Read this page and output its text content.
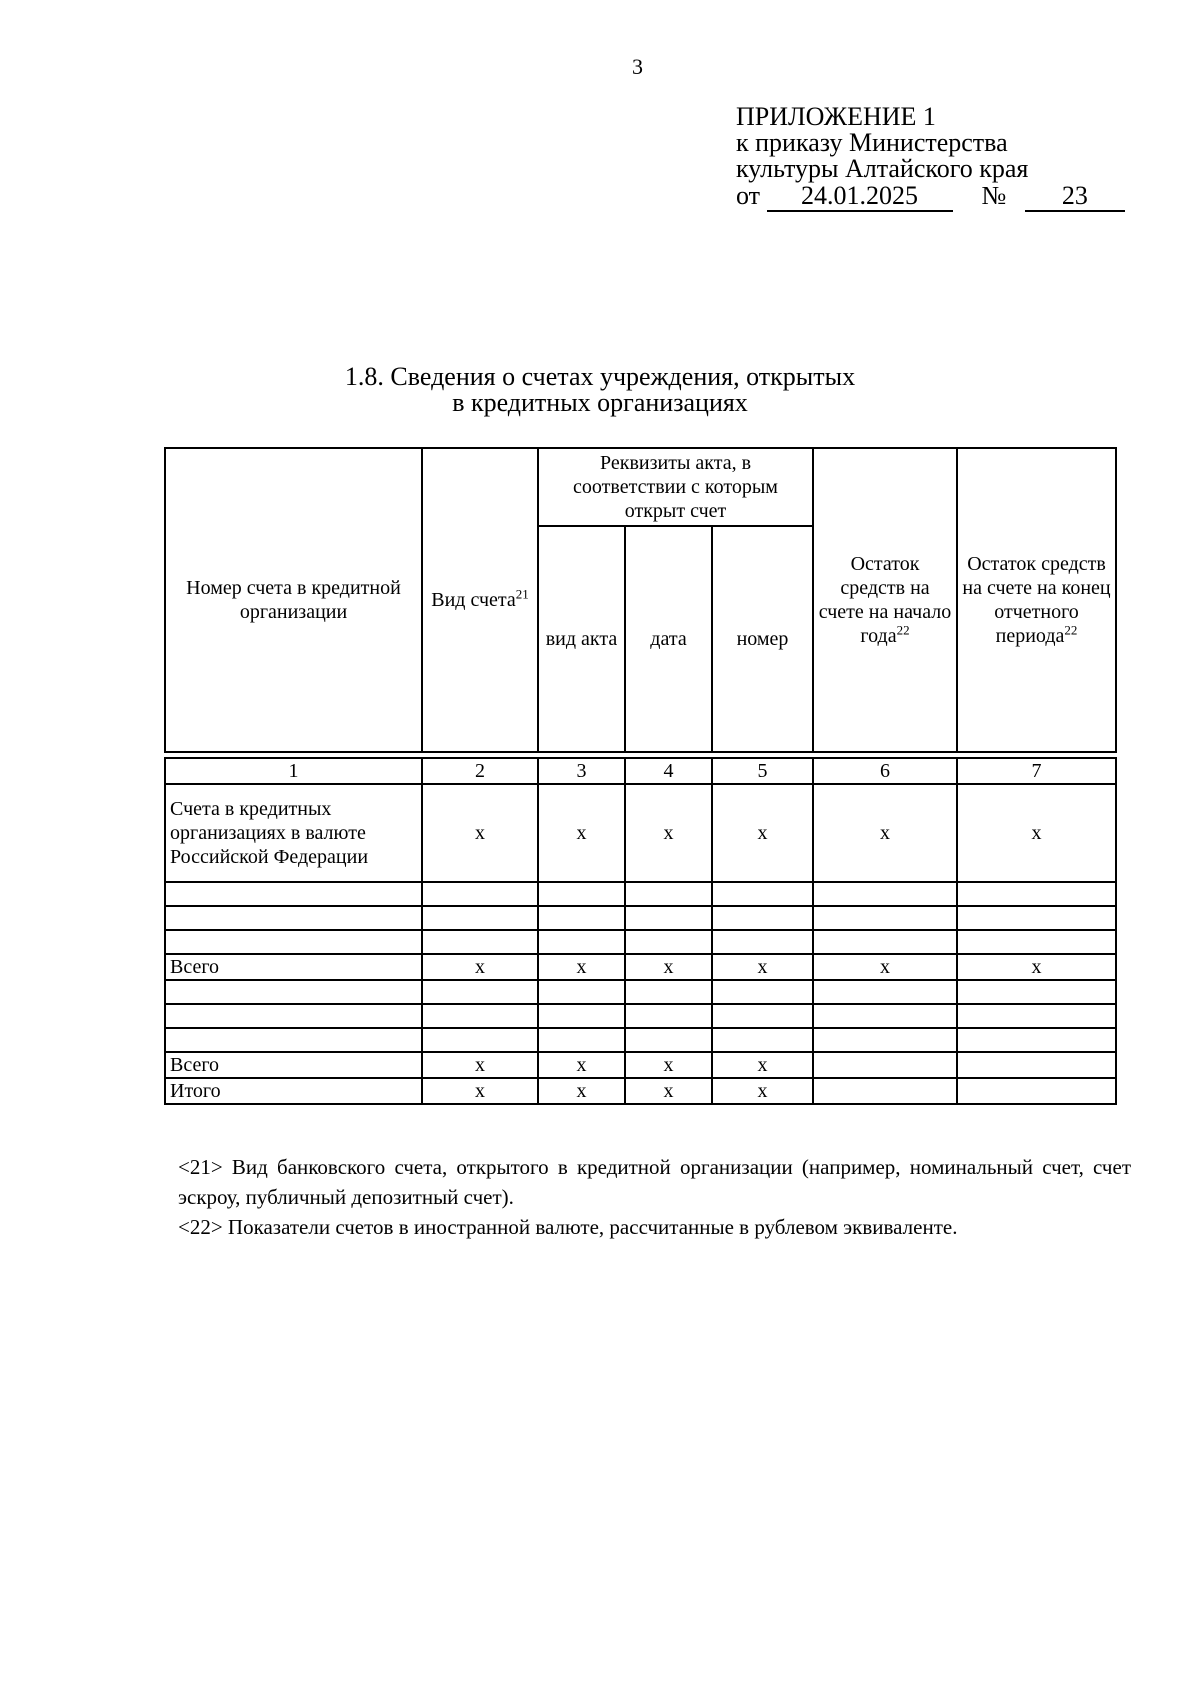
3
ПРИЛОЖЕНИЕ 1
к приказу Министерства
культуры Алтайского края
от 24.01.2025 № 23
1.8. Сведения о счетах учреждения, открытых
в кредитных организациях
Номер счета в кредитной организации	Вид счета$^{21}$	Реквизиты акта, в соответствии с которым открыт счет			Остаток средств на счете на начало года$^{22}$	Остаток средств на счете на конец отчетного периода$^{22}$
		вид акта	дата	номер		

1	2	3	4	5	6	7
Счета в кредитных организациях в валюте Российской Федерации	x	x	x	x	x	x

Всего	x	x	x	x	x	x

Всего	x	x	x	x		
Итого	x	x	x	x		

<21> Вид банковского счета, открытого в кредитной организации (например, номинальный счет, счет эскроу, публичный депозитный счет).

<22> Показатели счетов в иностранной валюте, рассчитанные в рублевом эквиваленте.
